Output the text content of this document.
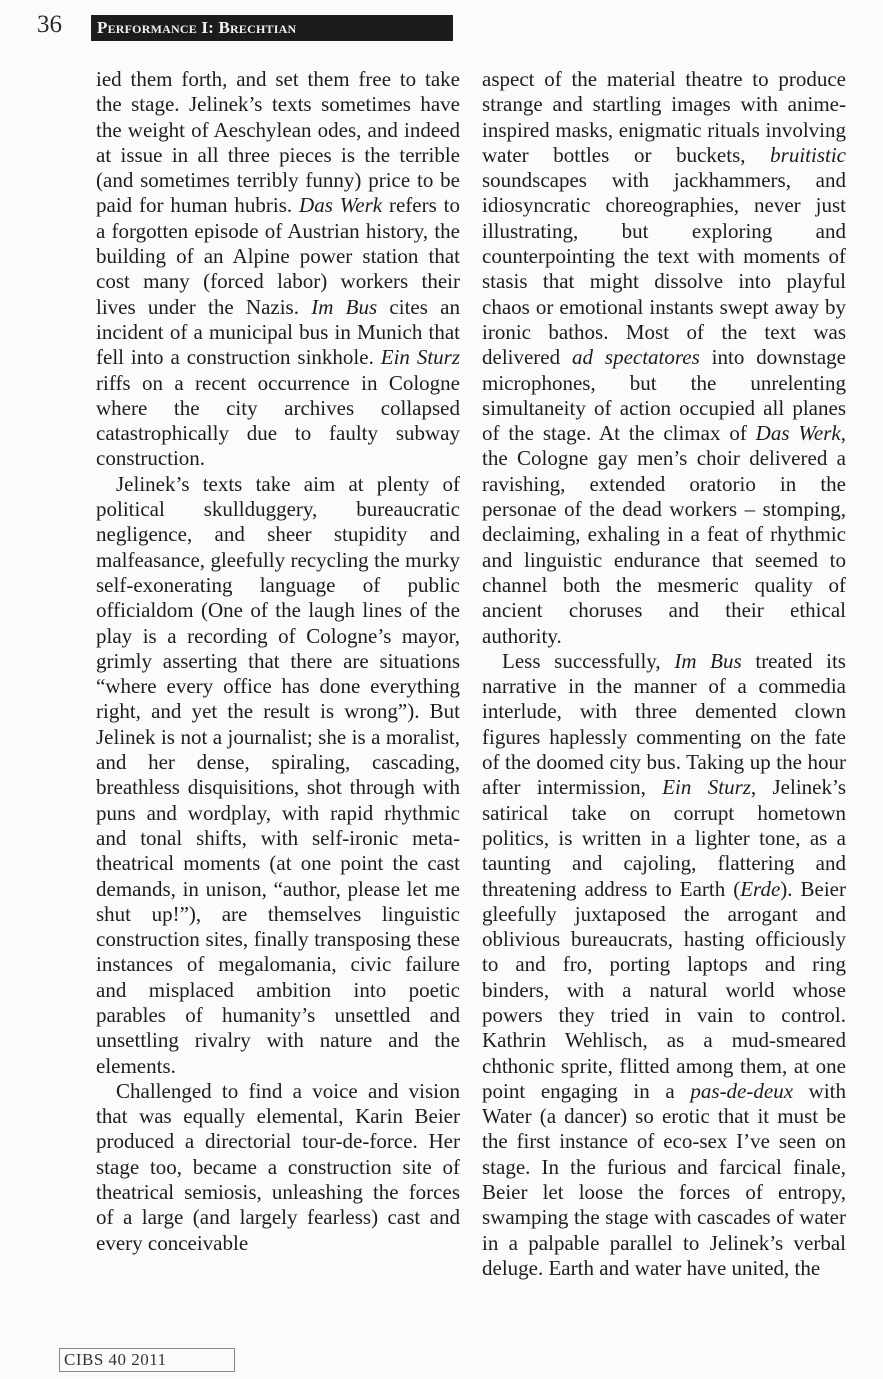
36	Performance I: Brechtian

ied them forth, and set them free to take the stage. Jelinek’s texts sometimes have the weight of Aeschylean odes, and indeed at issue in all three pieces is the terrible (and sometimes terribly funny) price to be paid for human hubris. Das Werk refers to a forgotten episode of Austrian history, the building of an Alpine power station that cost many (forced labor) workers their lives under the Nazis. Im Bus cites an incident of a municipal bus in Munich that fell into a construction sinkhole. Ein Sturz riffs on a recent occurrence in Cologne where the city archives collapsed catastrophically due to faulty subway construction.

Jelinek’s texts take aim at plenty of political skullduggery, bureaucratic negligence, and sheer stupidity and malfeasance, gleefully recycling the murky self-exonerating language of public officialdom (One of the laugh lines of the play is a recording of Cologne’s mayor, grimly asserting that there are situations “where every office has done everything right, and yet the result is wrong”). But Jelinek is not a journalist; she is a moralist, and her dense, spiraling, cascading, breathless disquisitions, shot through with puns and wordplay, with rapid rhythmic and tonal shifts, with self-ironic meta-theatrical moments (at one point the cast demands, in unison, “author, please let me shut up!”), are themselves linguistic construction sites, finally transposing these instances of megalomania, civic failure and misplaced ambition into poetic parables of humanity’s unsettled and unsettling rivalry with nature and the elements.

Challenged to find a voice and vision that was equally elemental, Karin Beier produced a directorial tour-de-force. Her stage too, became a construction site of theatrical semiosis, unleashing the forces of a large (and largely fearless) cast and every conceivable

aspect of the material theatre to produce strange and startling images with anime-inspired masks, enigmatic rituals involving water bottles or buckets, bruitistic soundscapes with jackhammers, and idiosyncratic choreographies, never just illustrating, but exploring and counterpointing the text with moments of stasis that might dissolve into playful chaos or emotional instants swept away by ironic bathos. Most of the text was delivered ad spectatores into downstage microphones, but the unrelenting simultaneity of action occupied all planes of the stage. At the climax of Das Werk, the Cologne gay men’s choir delivered a ravishing, extended oratorio in the personae of the dead workers – stomping, declaiming, exhaling in a feat of rhythmic and linguistic endurance that seemed to channel both the mesmeric quality of ancient choruses and their ethical authority.

Less successfully, Im Bus treated its narrative in the manner of a commedia interlude, with three demented clown figures haplessly commenting on the fate of the doomed city bus. Taking up the hour after intermission, Ein Sturz, Jelinek’s satirical take on corrupt hometown politics, is written in a lighter tone, as a taunting and cajoling, flattering and threatening address to Earth (Erde). Beier gleefully juxtaposed the arrogant and oblivious bureaucrats, hasting officiously to and fro, porting laptops and ring binders, with a natural world whose powers they tried in vain to control. Kathrin Wehlisch, as a mud-smeared chthonic sprite, flitted among them, at one point engaging in a pas-de-deux with Water (a dancer) so erotic that it must be the first instance of eco-sex I’ve seen on stage. In the furious and farcical finale, Beier let loose the forces of entropy, swamping the stage with cascades of water in a palpable parallel to Jelinek’s verbal deluge. Earth and water have united, the

CIBS 40 2011
